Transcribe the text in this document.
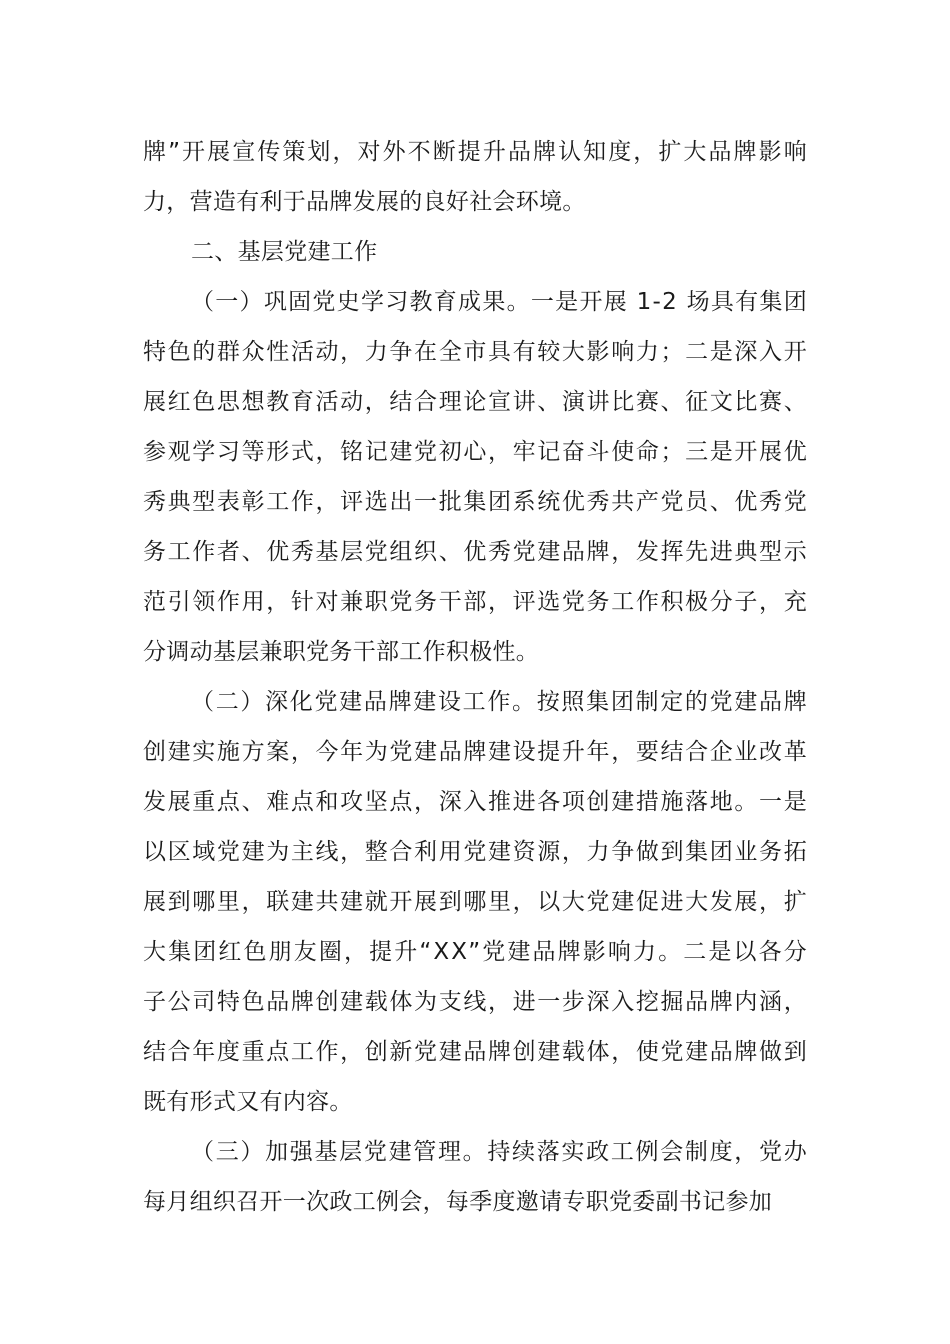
牌”开展宣传策划，对外不断提升品牌认知度，扩大品牌影响
力，营造有利于品牌发展的良好社会环境。
二、基层党建工作
（一）巩固党史学习教育成果。一是开展 1-2 场具有集团
特色的群众性活动，力争在全市具有较大影响力；二是深入开
展红色思想教育活动，结合理论宣讲、演讲比赛、征文比赛、
参观学习等形式，铭记建党初心，牢记奋斗使命；三是开展优
秀典型表彰工作，评选出一批集团系统优秀共产党员、优秀党
务工作者、优秀基层党组织、优秀党建品牌，发挥先进典型示
范引领作用，针对兼职党务干部，评选党务工作积极分子，充
分调动基层兼职党务干部工作积极性。
（二）深化党建品牌建设工作。按照集团制定的党建品牌
创建实施方案，今年为党建品牌建设提升年，要结合企业改革
发展重点、难点和攻坚点，深入推进各项创建措施落地。一是
以区域党建为主线，整合利用党建资源，力争做到集团业务拓
展到哪里，联建共建就开展到哪里，以大党建促进大发展，扩
大集团红色朋友圈，提升“XX”党建品牌影响力。二是以各分
子公司特色品牌创建载体为支线，进一步深入挖掘品牌内涵，
结合年度重点工作，创新党建品牌创建载体，使党建品牌做到
既有形式又有内容。
（三）加强基层党建管理。持续落实政工例会制度，党办
每月组织召开一次政工例会，每季度邀请专职党委副书记参加
